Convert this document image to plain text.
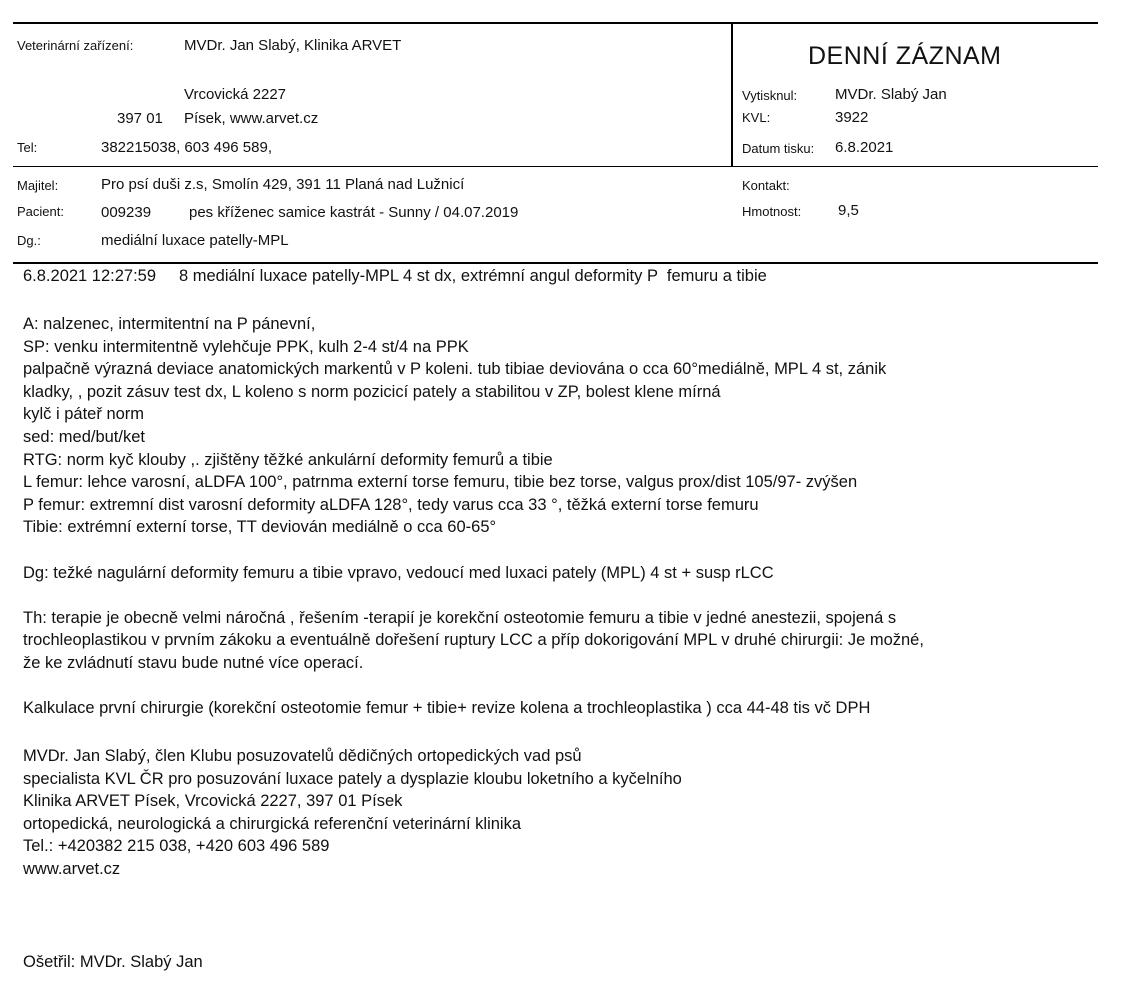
Veterinární zařízení:	MVDr. Jan Slabý, Klinika ARVET
Vrcovická 2227
397 01 Písek, www.arvet.cz
Tel:	382215038, 603 496 589,
DENNÍ ZÁZNAM
Vytisknul:	MVDr. Slabý Jan
KVL:	3922
Datum tisku: 6.8.2021
Majitel:	Pro psí duši z.s, Smolín 429, 391 11 Planá nad Lužnicí
Pacient: 009239	pes kříženec samice kastrát - Sunny / 04.07.2019
Dg.:	mediální luxace patelly-MPL
Kontakt:
Hmotnost: 9,5
6.8.2021 12:27:59     8 mediální luxace patelly-MPL 4 st dx, extrémní angul deformity P  femuru a tibie
A: nalzenec, intermitentní na P pánevní,
SP: venku intermitentně vylehčuje PPK, kulh 2-4 st/4 na PPK
palpačně výrazná deviace anatomických markentů v P koleni. tub tibiae deviována o cca 60°mediálně, MPL 4 st, zánik
kladky, , pozit zásuv test dx, L koleno s norm pozicicí pately a stabilitou v ZP, bolest klene mírná
kylč i páteř norm
sed: med/but/ket
RTG: norm kyč klouby ,. zjištěny těžké ankulární deformity femurů a tibie
L femur: lehce varosní, aLDFA 100°, patrnma externí torse femuru, tibie bez torse, valgus prox/dist 105/97- zvýšen
P femur: extremní dist varosní deformity aLDFA 128°, tedy varus cca 33 °, těžká externí torse femuru
Tibie: extrémní externí torse, TT deviován mediálně o cca 60-65°
Dg: težké nagulární deformity femuru a tibie vpravo, vedoucí med luxaci pately (MPL) 4 st + susp rLCC
Th: terapie je obecně velmi náročná , řešením -terapií je korekční osteotomie femuru a tibie v jedné anestezii, spojená s
trochleoplastikou v prvním zákoku a eventuálně dořešení ruptury LCC a příp dokorigování MPL v druhé chirurgii: Je možné,
že ke zvládnutí stavu bude nutné více operací.
Kalkulace první chirurgie (korekční osteotomie femur + tibie+ revize kolena a trochleoplastika ) cca 44-48 tis vč DPH
MVDr. Jan Slabý, člen Klubu posuzovatelů dědičných ortopedických vad psů
specialista KVL ČR pro posuzování luxace pately a dysplazie kloubu loketního a kyčelního
Klinika ARVET Písek, Vrcovická 2227, 397 01 Písek
ortopedická, neurologická a chirurgická referenční veterinární klinika
Tel.: +420382 215 038, +420 603 496 589
www.arvet.cz
Ošetřil: MVDr. Slabý Jan
